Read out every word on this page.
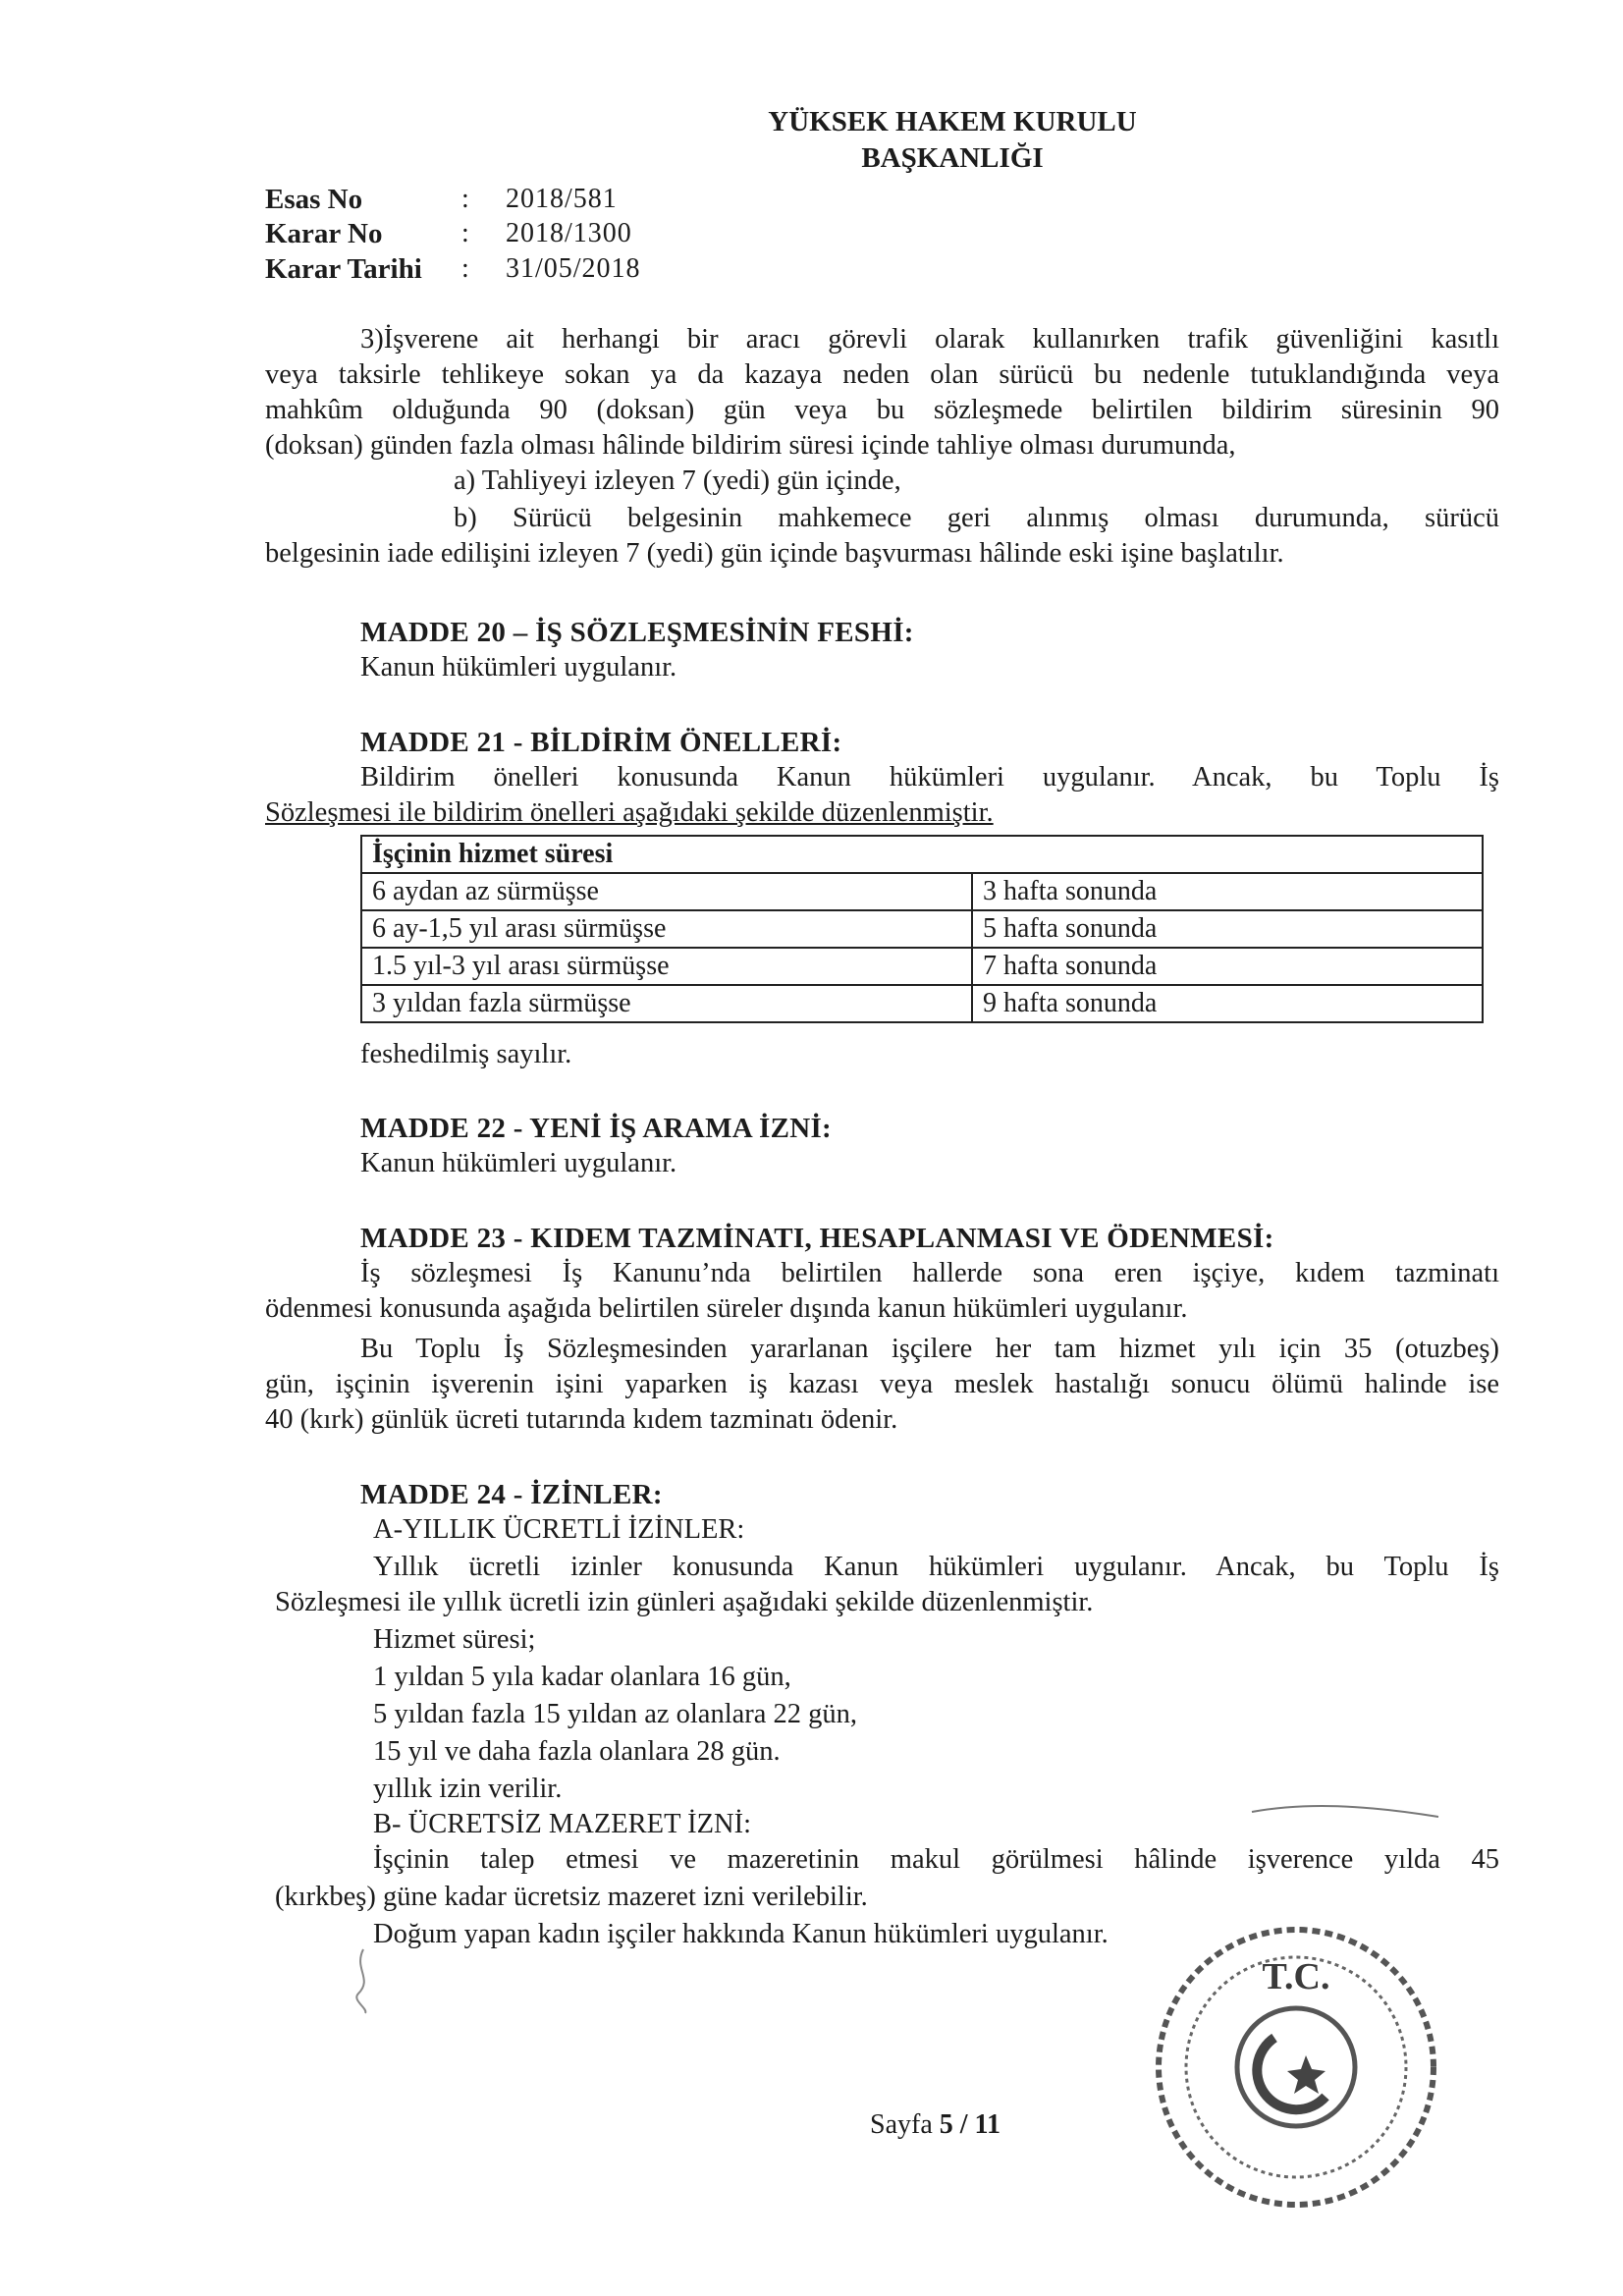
YÜKSEK HAKEM KURULU
BAŞKANLIĞI
Esas No	: 2018/581
Karar No	: 2018/1300
Karar Tarihi : 31/05/2018
3)İşverene ait herhangi bir aracı görevli olarak kullanırken trafik güvenliğini kasıtlı
veya taksirle tehlikeye sokan ya da kazaya neden olan sürücü bu nedenle tutuklandığında veya
mahkûm olduğunda 90 (doksan) gün veya bu sözleşmede belirtilen bildirim süresinin 90
(doksan) günden fazla olması hâlinde bildirim süresi içinde tahliye olması durumunda,
a) Tahliyeyi izleyen 7 (yedi) gün içinde,
b) Sürücü belgesinin mahkemece geri alınmış olması durumunda, sürücü
belgesinin iade edilişini izleyen 7 (yedi) gün içinde başvurması hâlinde eski işine başlatılır.
MADDE 20 – İŞ SÖZLEŞMESİNİN FESHİ:
Kanun hükümleri uygulanır.
MADDE 21 - BİLDİRİM ÖNELLERİ:
Bildirim önelleri konusunda Kanun hükümleri uygulanır. Ancak, bu Toplu İş
Sözleşmesi ile bildirim önelleri aşağıdaki şekilde düzenlenmiştir.
İşçinin hizmet süresi	
6 aydan az sürmüşse	3 hafta sonunda
6 ay-1,5 yıl arası sürmüşse	5 hafta sonunda
1.5 yıl-3 yıl arası sürmüşse	7 hafta sonunda
3 yıldan fazla sürmüşse	9 hafta sonunda
feshedilmiş sayılır.
MADDE 22 - YENİ İŞ ARAMA İZNİ:
Kanun hükümleri uygulanır.
MADDE 23 - KIDEM TAZMİNATI, HESAPLANMASI VE ÖDENMESİ:
İş sözleşmesi İş Kanunu’nda belirtilen hallerde sona eren işçiye, kıdem tazminatı
ödenmesi konusunda aşağıda belirtilen süreler dışında kanun hükümleri uygulanır.
Bu Toplu İş Sözleşmesinden yararlanan işçilere her tam hizmet yılı için 35 (otuzbeş)
gün, işçinin işverenin işini yaparken iş kazası veya meslek hastalığı sonucu ölümü halinde ise
40 (kırk) günlük ücreti tutarında kıdem tazminatı ödenir.
MADDE 24 - İZİNLER:
A-YILLIK ÜCRETLİ İZİNLER:
Yıllık ücretli izinler konusunda Kanun hükümleri uygulanır. Ancak, bu Toplu İş
Sözleşmesi ile yıllık ücretli izin günleri aşağıdaki şekilde düzenlenmiştir.
Hizmet süresi;
1 yıldan 5 yıla kadar olanlara 16 gün,
5 yıldan fazla 15 yıldan az olanlara 22 gün,
15 yıl ve daha fazla olanlara 28 gün.
yıllık izin verilir.
B- ÜCRETSİZ MAZERET İZNİ:
İşçinin talep etmesi ve mazeretinin makul görülmesi hâlinde işverence yılda 45
(kırkbeş) güne kadar ücretsiz mazeret izni verilebilir.
Doğum yapan kadın işçiler hakkında Kanun hükümleri uygulanır.
T.C.
Sayfa 5 / 11
